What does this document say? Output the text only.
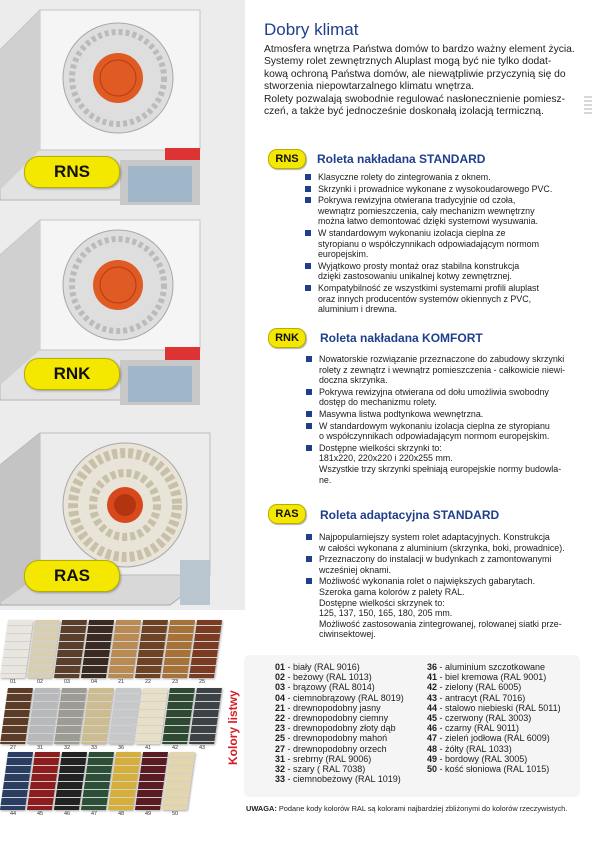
RNS
RNK
RAS
Dobry klimat

Atmosfera wnętrza Państwa domów to bardzo ważny element życia.

Systemy rolet zewnętrznych Aluplast mogą być nie tylko dodat-

kową ochroną Państwa domów, ale niewątpliwie przyczynią się do

stworzenia niepowtarzalnego klimatu wnętrza.

Rolety pozwalają swobodnie regulować nasłonecznienie pomiesz-

czeń, a także być jednocześnie doskonałą izolacją termiczną.

RNS	Roleta nakładana STANDARD
Klasyczne rolety do zintegrowania z oknem.
Skrzynki i prowadnice wykonane z wysokoudarowego PVC.
Pokrywa rewizyjna otwierana tradycyjnie od czoła,
wewnątrz pomieszczenia, cały mechanizm wewnętrzny
można łatwo demontować dzięki systemowi wysuwania.
W standardowym wykonaniu izolacja cieplna ze
styropianu o współczynnikach odpowiadającym normom
europejskim.
Wyjątkowo prosty montaż oraz stabilna konstrukcja
dzięki zastosowaniu unikalnej kotwy zewnętrznej.
Kompatybilność ze wszystkimi systemami profili aluplast
oraz innych producentów systemów okiennych z PVC,
aluminium i drewna.
RNK	Roleta nakładana KOMFORT
Nowatorskie rozwiązanie przeznaczone do zabudowy skrzynki
rolety z zewnątrz i wewnątrz pomieszczenia - całkowicie niewi-
doczna skrzynka.
Pokrywa rewizyjna otwierana od dołu umożliwia swobodny
dostęp do mechanizmu rolety.
Masywna listwa podtynkowa wewnętrzna.
W standardowym wykonaniu izolacja cieplna ze styropianu
o współczynnikach odpowiadającym normom europejskim.
Dostępne wielkości skrzynki to:
181x220, 220x220 i 220x255 mm.
Wszystkie trzy skrzynki spełniają europejskie normy budowla-
ne.
RAS	Roleta adaptacyjna STANDARD
Najpopularniejszy system rolet adaptacyjnych. Konstrukcja
w całości wykonana z aluminium (skrzynka, boki, prowadnice).
Przeznaczony do instalacji w budynkach z zamontowanymi
wcześniej oknami.
Możliwość wykonania rolet o największych gabarytach.
Szeroka gama kolorów z palety RAL.
Dostępne wielkości skrzynek to:
125, 137, 150, 165, 180, 205 mm.
Możliwość zastosowania zintegrowanej, rolowanej siatki prze-
ciwinsektowej.
01	02	03	04	21	22	23	25
27	31	32	33	36	41	42	43
44	45	46	47	48	49	50
Kolory listwy
01 - biały (RAL 9016)
02 - beżowy (RAL 1013)
03 - brązowy (RAL 8014)
04 - ciemnobrązowy (RAL 8019)
21 - drewnopodobny jasny
22 - drewnopodobny ciemny
23 - drewnopodobny złoty dąb
25 - drewnopodobny mahoń
27 - drewnopodobny orzech
31 - srebrny (RAL 9006)
32 - szary ( RAL 7038)
33 - ciemnobeżowy (RAL 1019)
36 - aluminium szczotkowane
41 - biel kremowa (RAL 9001)
42 - zielony (RAL 6005)
43 - antracyt (RAL 7016)
44 - stalowo niebieski (RAL 5011)
45 - czerwony (RAL 3003)
46 - czarny (RAL 9011)
47 - zieleń jodłowa (RAL 6009)
48 - żółty (RAL 1033)
49 - bordowy (RAL 3005)
50 - kość słoniowa (RAL 1015)
UWAGA: Podane kody kolorów RAL są kolorami najbardziej zbliżonymi do kolorów rzeczywistych.
